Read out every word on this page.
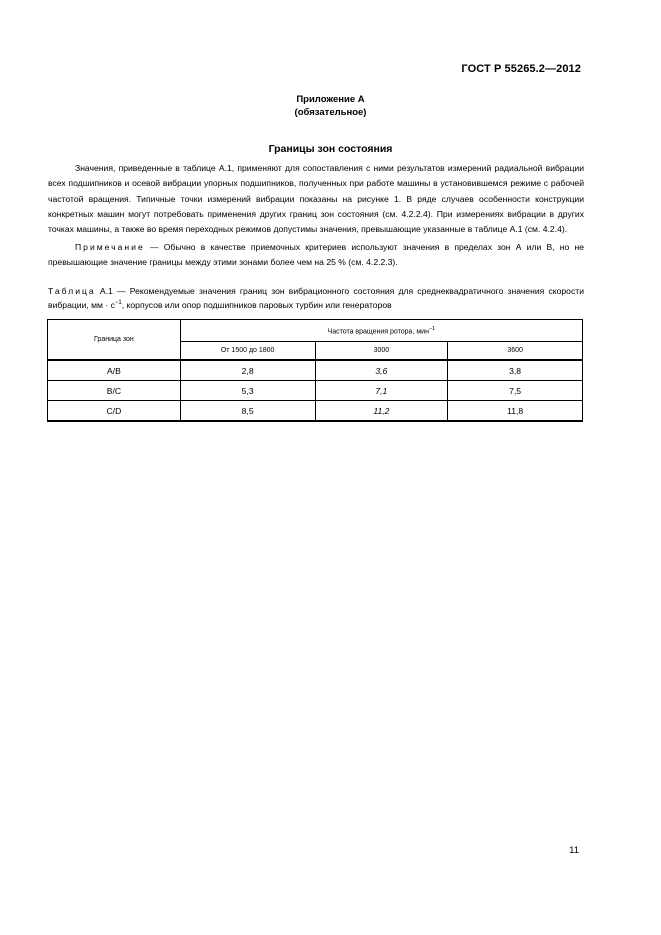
ГОСТ Р 55265.2—2012
Приложение А
(обязательное)
Границы зон состояния

Значения, приведенные в таблице А.1, применяют для сопоставления с ними результатов измерений радиальной вибрации всех подшипников и осевой вибрации упорных подшипников, полученных при работе машины в установившемся режиме с рабочей частотой вращения. Типичные точки измерений вибрации показаны на рисунке 1. В ряде случаев особенности конструкции конкретных машин могут потребовать применения других границ зон состояния (см. 4.2.2.4). При измерениях вибрации в других точках машины, а также во время переходных режимов допустимы значения, превышающие указанные в таблице А.1 (см. 4.2.4).

Примечание — Обычно в качестве приемочных критериев используют значения в пределах зон А или В, но не превышающие значение границы между этими зонами более чем на 25 % (см. 4.2.2.3).

Таблица А.1 — Рекомендуемые значения границ зон вибрационного состояния для среднеквадратичного значения скорости вибрации, мм · $с^{-1}$, корпусов или опор подшипников паровых турбин или генераторов

Граница зон	Частота вращения ротора, мин$^{-1}$
	От 1500 до 1800	3000	3600
A/B	2,8	3,6	3,8
B/C	5,3	7,1	7,5
C/D	8,5	11,2	11,8
11
